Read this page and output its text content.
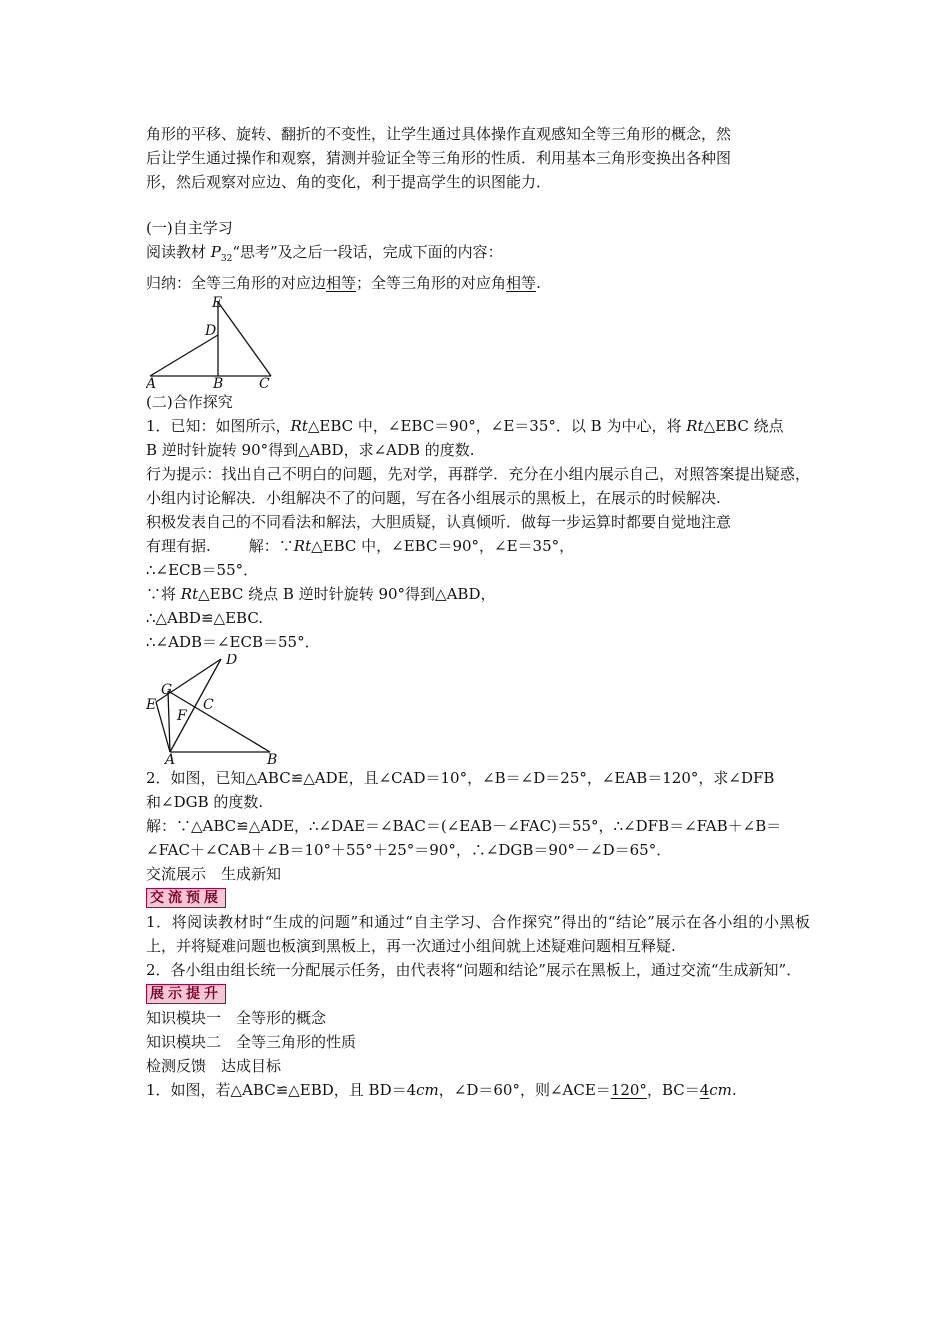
角形的平移、旋转、翻折的不变性，让学生通过具体操作直观感知全等三角形的概念，然

后让学生通过操作和观察，猜测并验证全等三角形的性质．利用基本三角形变换出各种图

形，然后观察对应边、角的变化，利于提高学生的识图能力．

(一)自主学习

阅读教材 $P_{32}“$思考”及之后一段话，完成下面的内容：

归纳：全等三角形的对应边相等；全等三角形的对应角相等.

E
D
A	B	C

(二)合作探究

1．已知：如图所示，Rt△EBC 中，∠EBC＝90°，∠E＝35°．以 B 为中心，将 Rt△EBC 绕点

B 逆时针旋转 90°得到△ABD，求∠ADB 的度数.

行为提示：找出自己不明白的问题，先对学，再群学．充分在小组内展示自己，对照答案提出疑惑，小组内讨论解决．小组解决不了的问题，写在各小组展示的黑板上，在展示的时候解决.

积极发表自己的不同看法和解法，大胆质疑，认真倾听．做每一步运算时都要自觉地注意

有理有据.	解：∵Rt△EBC 中，∠EBC＝90°，∠E＝35°，

∴∠ECB＝55°．

∵将 Rt△EBC 绕点 B 逆时针旋转 90°得到△ABD，

∴△ABD≌△EBC.

∴∠ADB＝∠ECB＝55°．

D
G
E	C
F
A	B

2．如图，已知△ABC≌△ADE，且∠CAD＝10°，∠B＝∠D＝25°，∠EAB＝120°，求∠DFB

和∠DGB 的度数.

解：∵△ABC≌△ADE，∴∠DAE＝∠BAC＝(∠EAB－∠FAC)＝55°，∴∠DFB＝∠FAB＋∠B＝

∠FAC＋∠CAB＋∠B＝10°＋55°＋25°＝90°，∴∠DGB＝90°－∠D＝65°．

交流展示　生成新知

交流预展

1．将阅读教材时“生成的问题”和通过“自主学习、合作探究”得出的“结论”展示在各小组的小黑板上，并将疑难问题也板演到黑板上，再一次通过小组间就上述疑难问题相互释疑.

2．各小组由组长统一分配展示任务，由代表将“问题和结论”展示在黑板上，通过交流“生成新知”．

展示提升

知识模块一　全等形的概念

知识模块二　全等三角形的性质

检测反馈　达成目标

1．如图，若△ABC≌△EBD，且 BD＝4cm，∠D＝60°，则∠ACE＝120°，BC＝4cm.
